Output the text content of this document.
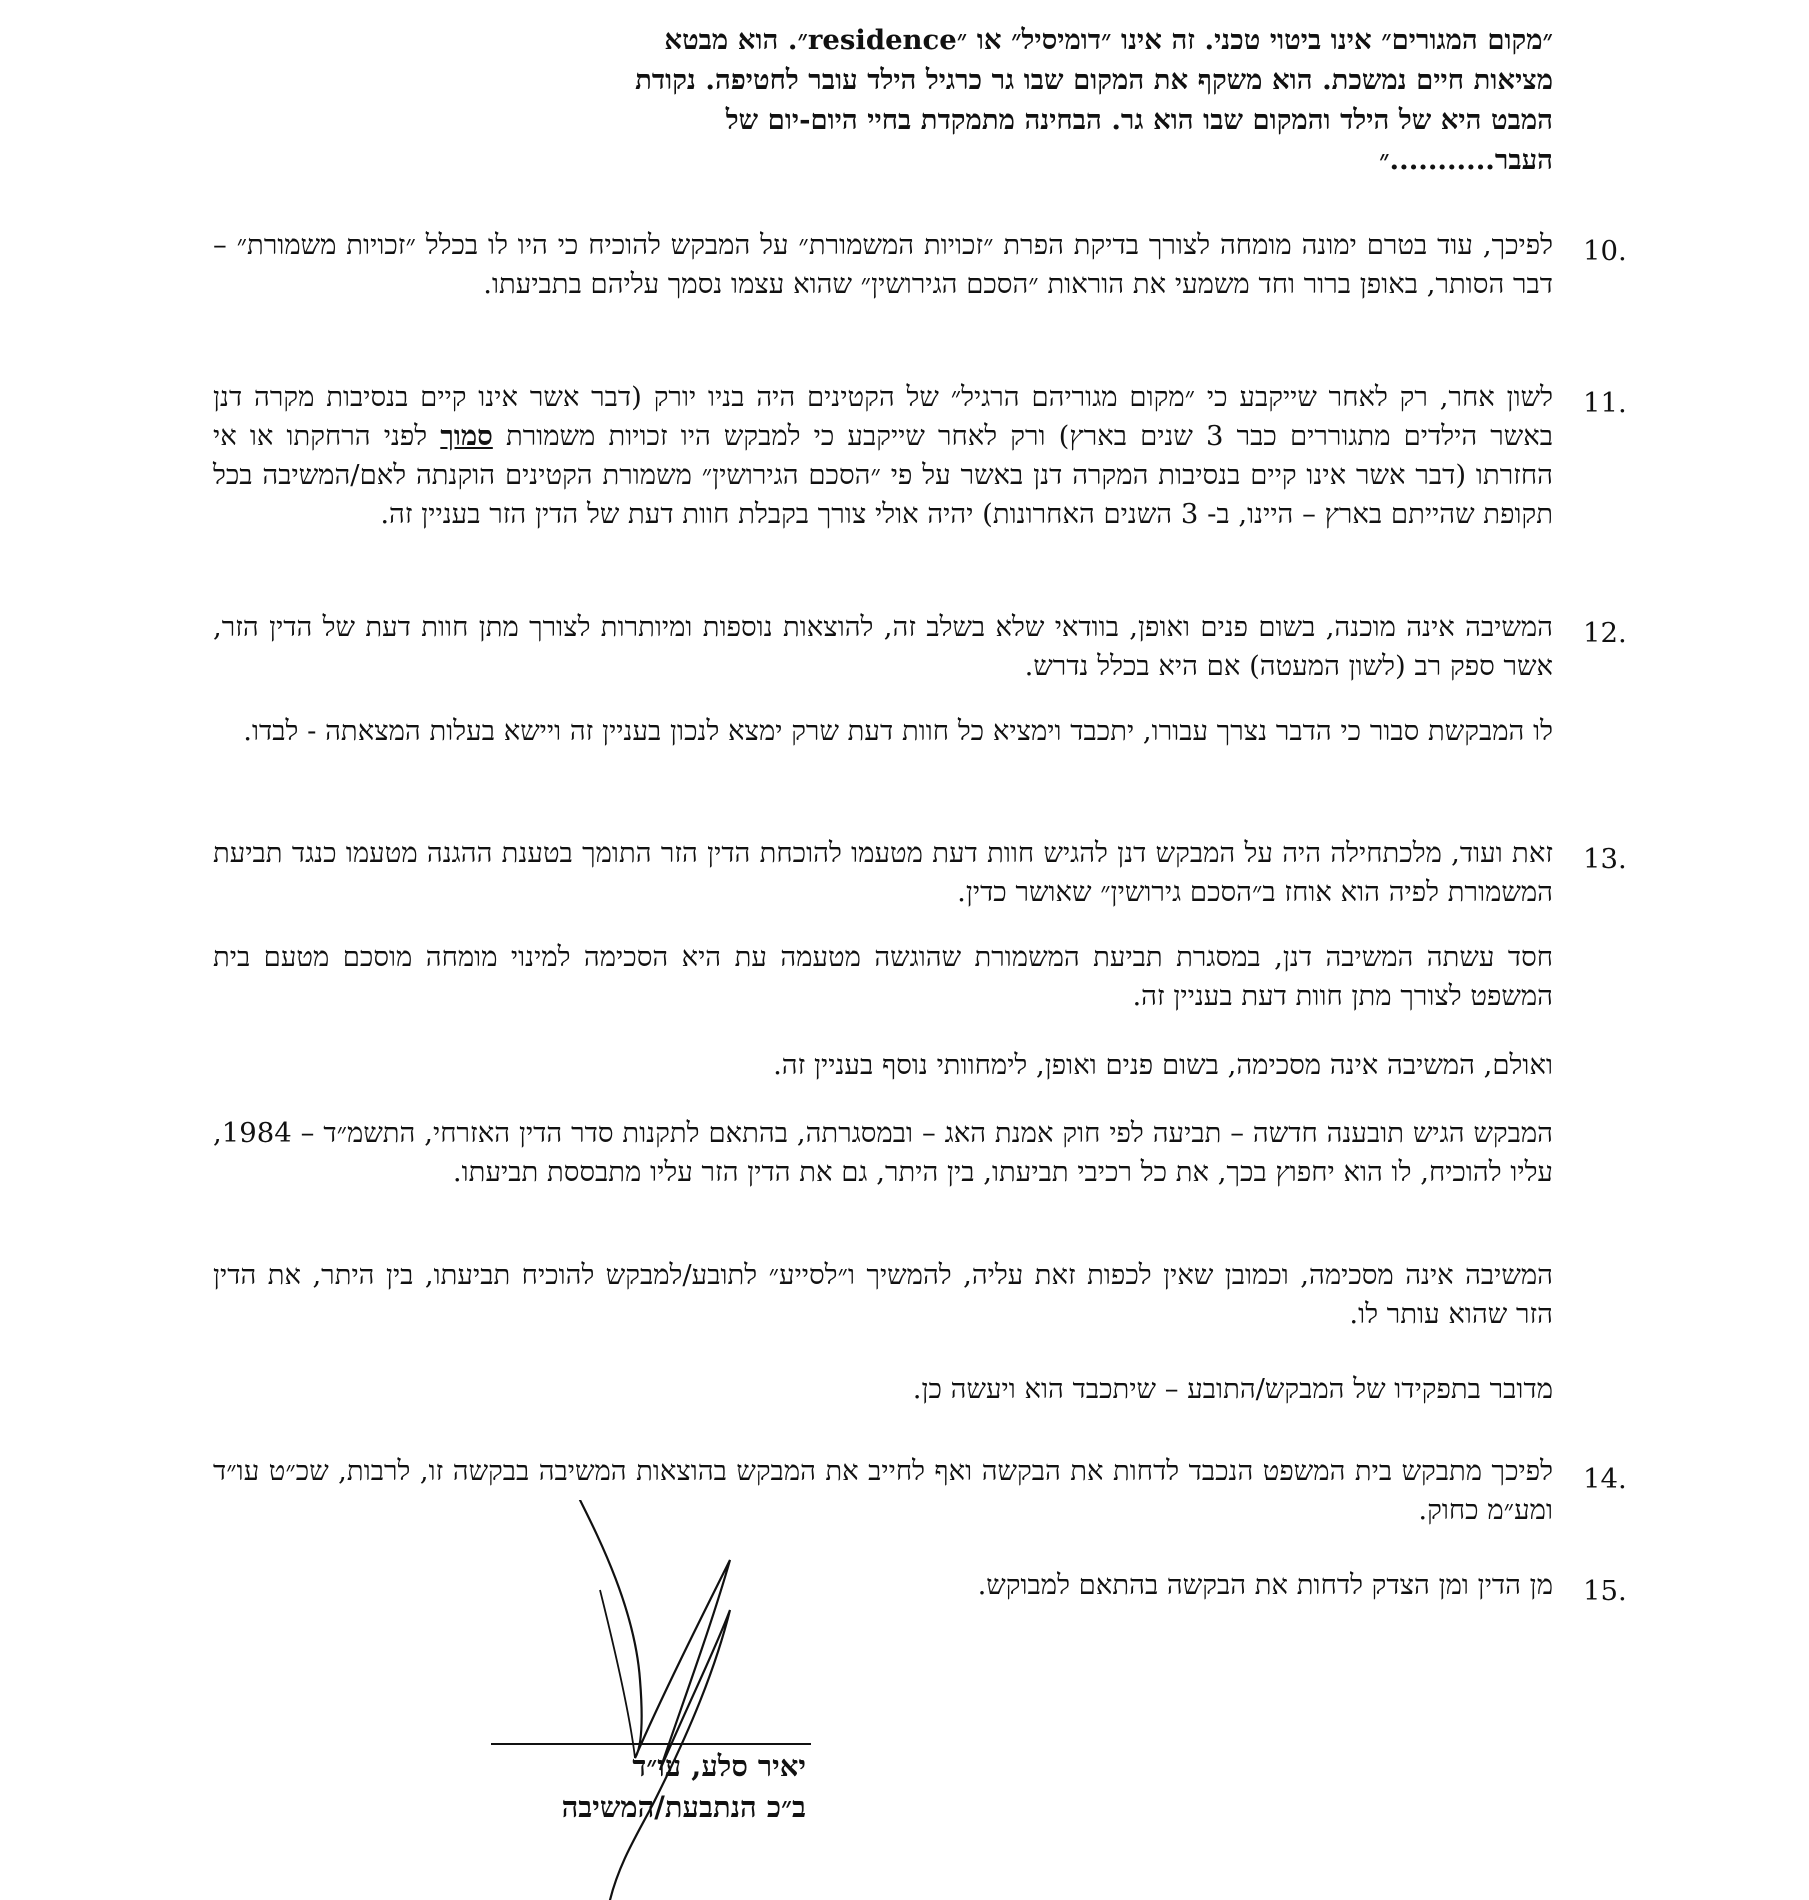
״מקום המגורים״ אינו ביטוי טכני. זה אינו ״דומיסיל״ או ״residence״. הוא מבטא
מציאות חיים נמשכת. הוא משקף את המקום שבו גר כרגיל הילד עובר לחטיפה. נקודת
המבט היא של הילד והמקום שבו הוא גר. הבחינה מתמקדת בחיי היום-יום של
העבר...........״
10.
לפיכך, עוד בטרם ימונה מומחה לצורך בדיקת הפרת ״זכויות המשמורת״ על המבקש להוכיח כי היו לו בכלל ״זכויות משמורת״ – דבר הסותר, באופן ברור וחד משמעי את הוראות ״הסכם הגירושין״ שהוא עצמו נסמך עליהם בתביעתו.
11.
לשון אחר, רק לאחר שייקבע כי ״מקום מגוריהם הרגיל״ של הקטינים היה בניו יורק (דבר אשר אינו קיים בנסיבות מקרה דנן באשר הילדים מתגוררים כבר 3 שנים בארץ) ורק לאחר שייקבע כי למבקש היו זכויות משמורת סמוך לפני הרחקתו או אי החזרתו (דבר אשר אינו קיים בנסיבות המקרה דנן באשר על פי ״הסכם הגירושין״ משמורת הקטינים הוקנתה לאם/המשיבה בכל תקופת שהייתם בארץ – היינו, ב- 3 השנים האחרונות) יהיה אולי צורך בקבלת חוות דעת של הדין הזר בעניין זה.
12.
המשיבה אינה מוכנה, בשום פנים ואופן, בוודאי שלא בשלב זה, להוצאות נוספות ומיותרות לצורך מתן חוות דעת של הדין הזר, אשר ספק רב (לשון המעטה) אם היא בכלל נדרש.
לו המבקשת סבור כי הדבר נצרך עבורו, יתכבד וימציא כל חוות דעת שרק ימצא לנכון בעניין זה ויישא בעלות המצאתה - לבדו.
13.
זאת ועוד, מלכתחילה היה על המבקש דנן להגיש חוות דעת מטעמו להוכחת הדין הזר התומך בטענת ההגנה מטעמו כנגד תביעת המשמורת לפיה הוא אוחז ב״הסכם גירושין״ שאושר כדין.
חסד עשתה המשיבה דנן, במסגרת תביעת המשמורת שהוגשה מטעמה עת היא הסכימה למינוי מומחה מוסכם מטעם בית המשפט לצורך מתן חוות דעת בעניין זה.
ואולם, המשיבה אינה מסכימה, בשום פנים ואופן, לימחוותי נוסף בעניין זה.
המבקש הגיש תובענה חדשה – תביעה לפי חוק אמנת האג – ובמסגרתה, בהתאם לתקנות סדר הדין האזרחי, התשמ״ד – 1984, עליו להוכיח, לו הוא יחפוץ בכך, את כל רכיבי תביעתו, בין היתר, גם את הדין הזר עליו מתבססת תביעתו.
המשיבה אינה מסכימה, וכמובן שאין לכפות זאת עליה, להמשיך ו״לסייע״ לתובע/למבקש להוכיח תביעתו, בין היתר, את הדין הזר שהוא עותר לו.
מדובר בתפקידו של המבקש/התובע – שיתכבד הוא ויעשה כן.
14.
לפיכך מתבקש בית המשפט הנכבד לדחות את הבקשה ואף לחייב את המבקש בהוצאות המשיבה בבקשה זו, לרבות, שכ״ט עו״ד ומע״מ כחוק.
15.
מן הדין ומן הצדק לדחות את הבקשה בהתאם למבוקש.
יאיר סלע, עו״ד
ב״כ הנתבעת/המשיבה
